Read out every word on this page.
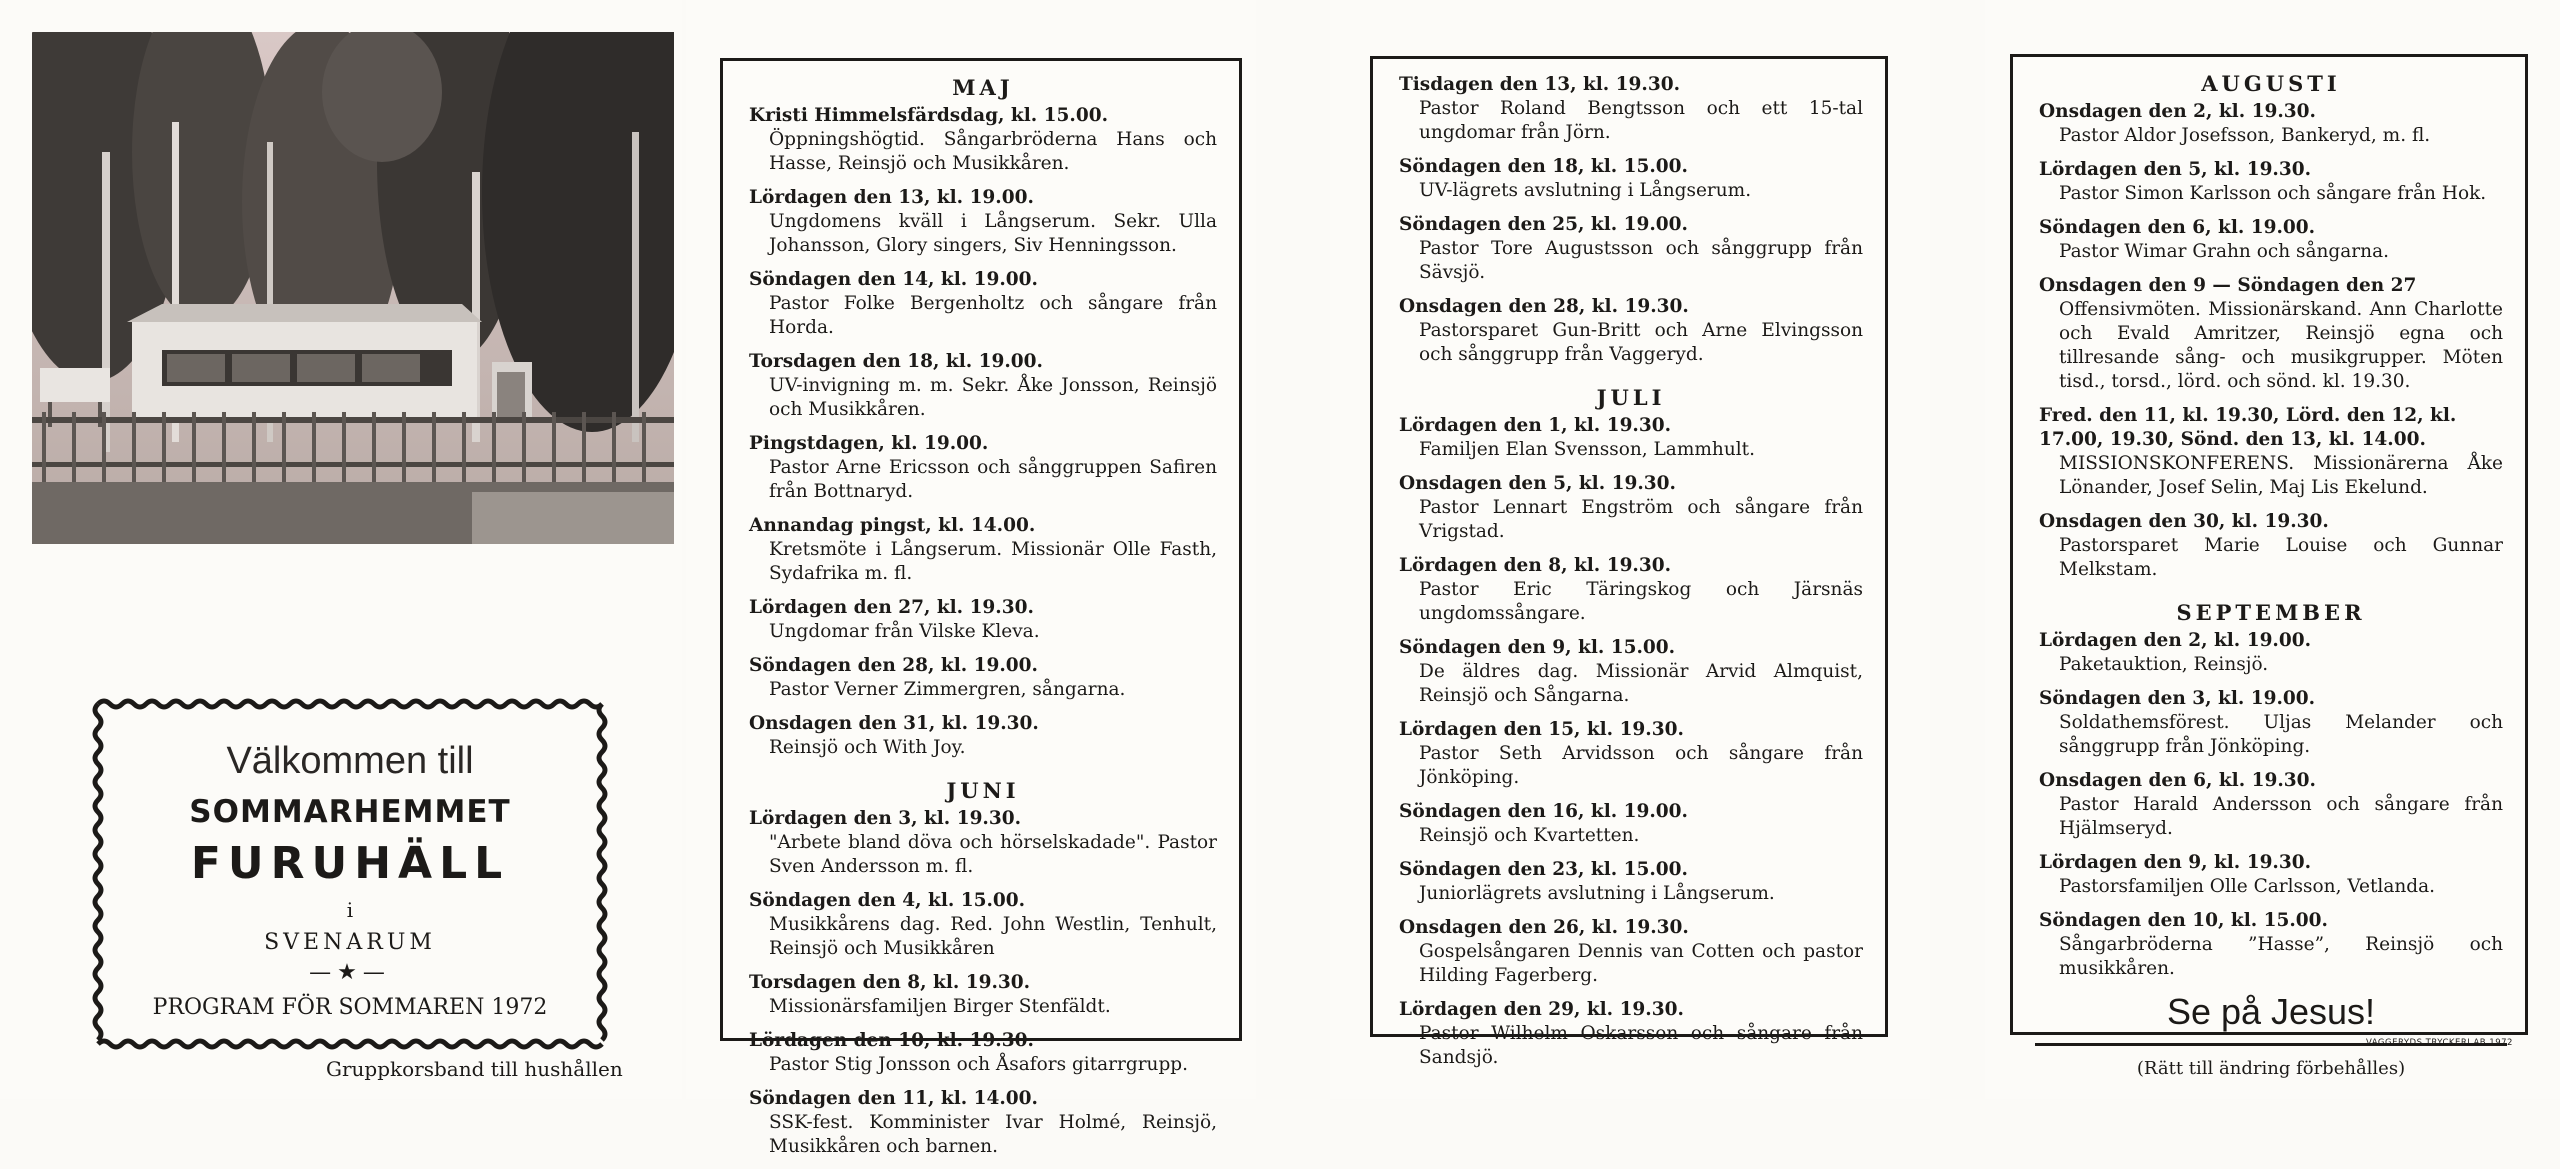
Välkommen till
SOMMARHEMMET
FURUHÄLL
i
SVENARUM
—★—
PROGRAM FÖR SOMMAREN 1972
Gruppkorsband till hushållen
MAJ
Kristi Himmelsfärdsdag, kl. 15.00.
Öppningshögtid. Sångarbröderna Hans och Hasse, Reinsjö och Musikkåren.
Lördagen den 13, kl. 19.00.
Ungdomens kväll i Långserum. Sekr. Ulla Johansson, Glory singers, Siv Henningsson.
Söndagen den 14, kl. 19.00.
Pastor Folke Bergenholtz och sångare från Horda.
Torsdagen den 18, kl. 19.00.
UV-invigning m. m. Sekr. Åke Jonsson, Reinsjö och Musikkåren.
Pingstdagen, kl. 19.00.
Pastor Arne Ericsson och sånggruppen Safiren från Bottnaryd.
Annandag pingst, kl. 14.00.
Kretsmöte i Långserum. Missionär Olle Fasth, Sydafrika m. fl.
Lördagen den 27, kl. 19.30.
Ungdomar från Vilske Kleva.
Söndagen den 28, kl. 19.00.
Pastor Verner Zimmergren, sångarna.
Onsdagen den 31, kl. 19.30.
Reinsjö och With Joy.
JUNI
Lördagen den 3, kl. 19.30.
"Arbete bland döva och hörselskadade". Pastor Sven Andersson m. fl.
Söndagen den 4, kl. 15.00.
Musikkårens dag. Red. John Westlin, Tenhult, Reinsjö och Musikkåren
Torsdagen den 8, kl. 19.30.
Missionärsfamiljen Birger Stenfäldt.
Lördagen den 10, kl. 19.30.
Pastor Stig Jonsson och Åsafors gitarrgrupp.
Söndagen den 11, kl. 14.00.
SSK-fest. Komminister Ivar Holmé, Reinsjö, Musikkåren och barnen.
Tisdagen den 13, kl. 19.30.
Pastor Roland Bengtsson och ett 15-tal ungdomar från Jörn.
Söndagen den 18, kl. 15.00.
UV-lägrets avslutning i Långserum.
Söndagen den 25, kl. 19.00.
Pastor Tore Augustsson och sånggrupp från Sävsjö.
Onsdagen den 28, kl. 19.30.
Pastorsparet Gun-Britt och Arne Elvingsson och sånggrupp från Vaggeryd.
JULI
Lördagen den 1, kl. 19.30.
Familjen Elan Svensson, Lammhult.
Onsdagen den 5, kl. 19.30.
Pastor Lennart Engström och sångare från Vrigstad.
Lördagen den 8, kl. 19.30.
Pastor Eric Täringskog och Järsnäs ungdomssångare.
Söndagen den 9, kl. 15.00.
De äldres dag. Missionär Arvid Almquist, Reinsjö och Sångarna.
Lördagen den 15, kl. 19.30.
Pastor Seth Arvidsson och sångare från Jönköping.
Söndagen den 16, kl. 19.00.
Reinsjö och Kvartetten.
Söndagen den 23, kl. 15.00.
Juniorlägrets avslutning i Långserum.
Onsdagen den 26, kl. 19.30.
Gospelsångaren Dennis van Cotten och pastor Hilding Fagerberg.
Lördagen den 29, kl. 19.30.
Pastor Wilhelm Oskarsson och sångare från Sandsjö.
AUGUSTI
Onsdagen den 2, kl. 19.30.
Pastor Aldor Josefsson, Bankeryd, m. fl.
Lördagen den 5, kl. 19.30.
Pastor Simon Karlsson och sångare från Hok.
Söndagen den 6, kl. 19.00.
Pastor Wimar Grahn och sångarna.
Onsdagen den 9 — Söndagen den 27
Offensivmöten. Missionärskand. Ann Charlotte och Evald Amritzer, Reinsjö egna och tillresande sång- och musikgrupper. Möten tisd., torsd., lörd. och sönd. kl. 19.30.
Fred. den 11, kl. 19.30, Lörd. den 12, kl. 17.00, 19.30, Sönd. den 13, kl. 14.00.
MISSIONSKONFERENS. Missionärerna Åke Lönander, Josef Selin, Maj Lis Ekelund.
Onsdagen den 30, kl. 19.30.
Pastorsparet Marie Louise och Gunnar Melkstam.
SEPTEMBER
Lördagen den 2, kl. 19.00.
Paketauktion, Reinsjö.
Söndagen den 3, kl. 19.00.
Soldathemsförest. Uljas Melander och sånggrupp från Jönköping.
Onsdagen den 6, kl. 19.30.
Pastor Harald Andersson och sångare från Hjälmseryd.
Lördagen den 9, kl. 19.30.
Pastorsfamiljen Olle Carlsson, Vetlanda.
Söndagen den 10, kl. 15.00.
Sångarbröderna ”Hasse”, Reinsjö och musikkåren.
Se på Jesus!
(Rätt till ändring förbehålles)
VAGGERYDS TRYCKERI AB 1972
